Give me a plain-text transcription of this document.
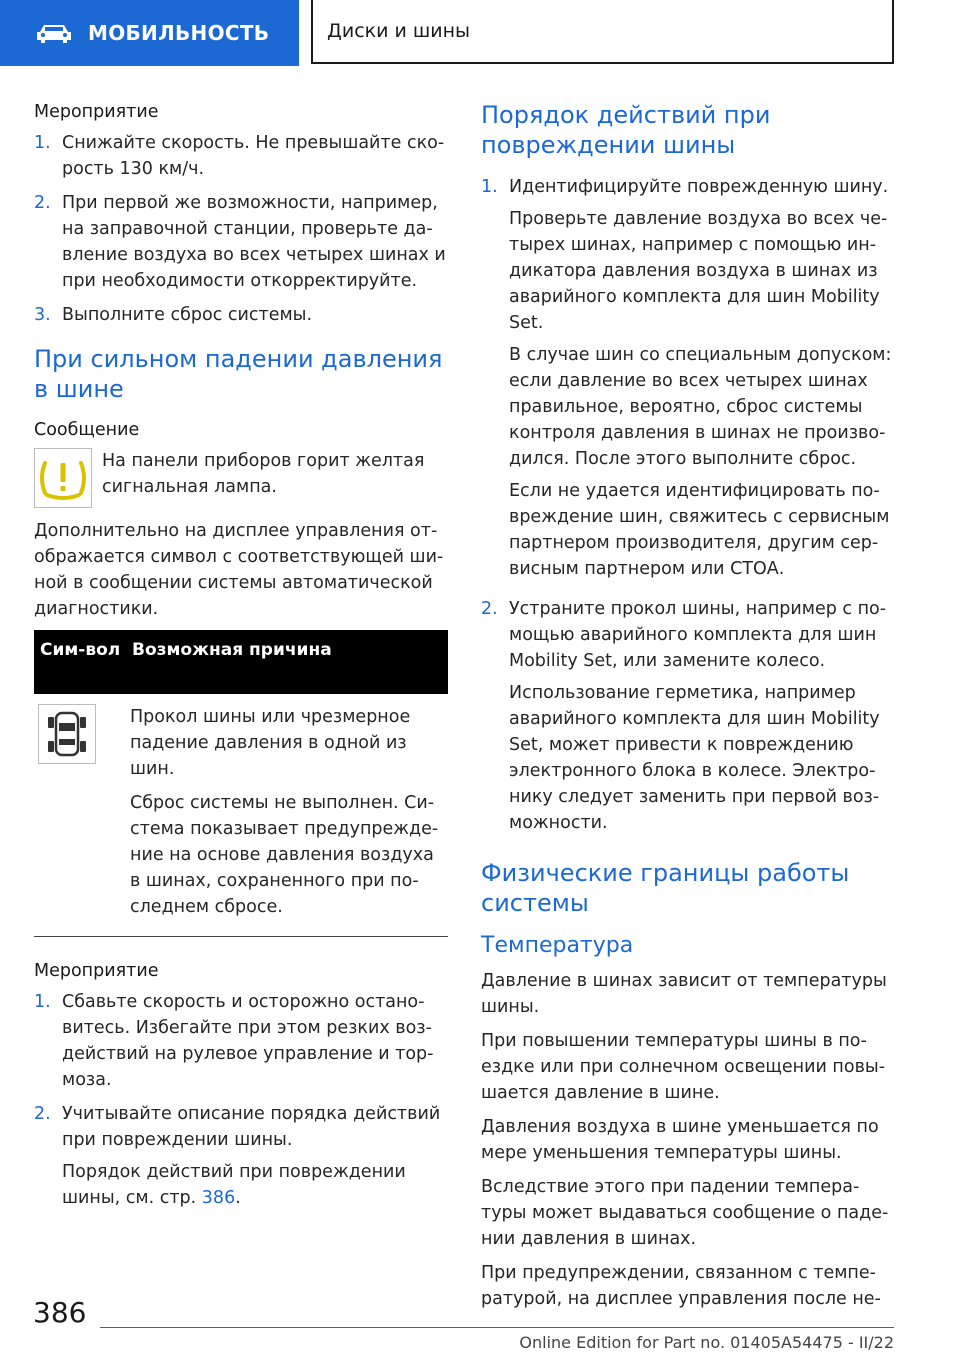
МОБИЛЬНОСТЬ	Диски и шины
Мероприятие
1. Снижайте скорость. Не превышайте ско-рость 130 км/ч.
2. При первой же возможности, например, на заправочной станции, проверьте да-вление воздуха во всех четырех шинах и при необходимости откорректируйте.
3. Выполните сброс системы.
При сильном падении давления в шине
Сообщение
На панели приборов горит желтая сигнальная лампа.
Дополнительно на дисплее управления от-ображается символ с соответствующей ши-ной в сообщении системы автоматической диагностики.
Сим-вол Возможная причина
Прокол шины или чрезмерное падение давления в одной из шин.
Сброс системы не выполнен. Си-стема показывает предупрежде-ние на основе давления воздуха в шинах, сохраненного при по-следнем сбросе.
Мероприятие
1. Сбавьте скорость и осторожно остано-витесь. Избегайте при этом резких воз-действий на рулевое управление и тор-моза.
2. Учитывайте описание порядка действий при повреждении шины.
Порядок действий при повреждении шины, см. стр. 386.
Порядок действий при повреждении шины
1. Идентифицируйте поврежденную шину.
Проверьте давление воздуха во всех че-тырех шинах, например с помощью ин-дикатора давления воздуха в шинах из аварийного комплекта для шин Mobility Set.
В случае шин со специальным допуском: если давление во всех четырех шинах правильное, вероятно, сброс системы контроля давления в шинах не произво-дился. После этого выполните сброс.
Если не удается идентифицировать по-вреждение шин, свяжитесь с сервисным партнером производителя, другим сер-висным партнером или СТОА.
2. Устраните прокол шины, например с по-мощью аварийного комплекта для шин Mobility Set, или замените колесо.
Использование герметика, например аварийного комплекта для шин Mobility Set, может привести к повреждению электронного блока в колесе. Электро-нику следует заменить при первой воз-можности.
Физические границы работы системы
Температура
Давление в шинах зависит от температуры шины.
При повышении температуры шины в по-ездке или при солнечном освещении повы-шается давление в шине.
Давления воздуха в шине уменьшается по мере уменьшения температуры шины.
Вследствие этого при падении темпера-туры может выдаваться сообщение о паде-нии давления в шинах.
При предупреждении, связанном с темпе-ратурой, на дисплее управления после не-
386
Online Edition for Part no. 01405A54475 - II/22
